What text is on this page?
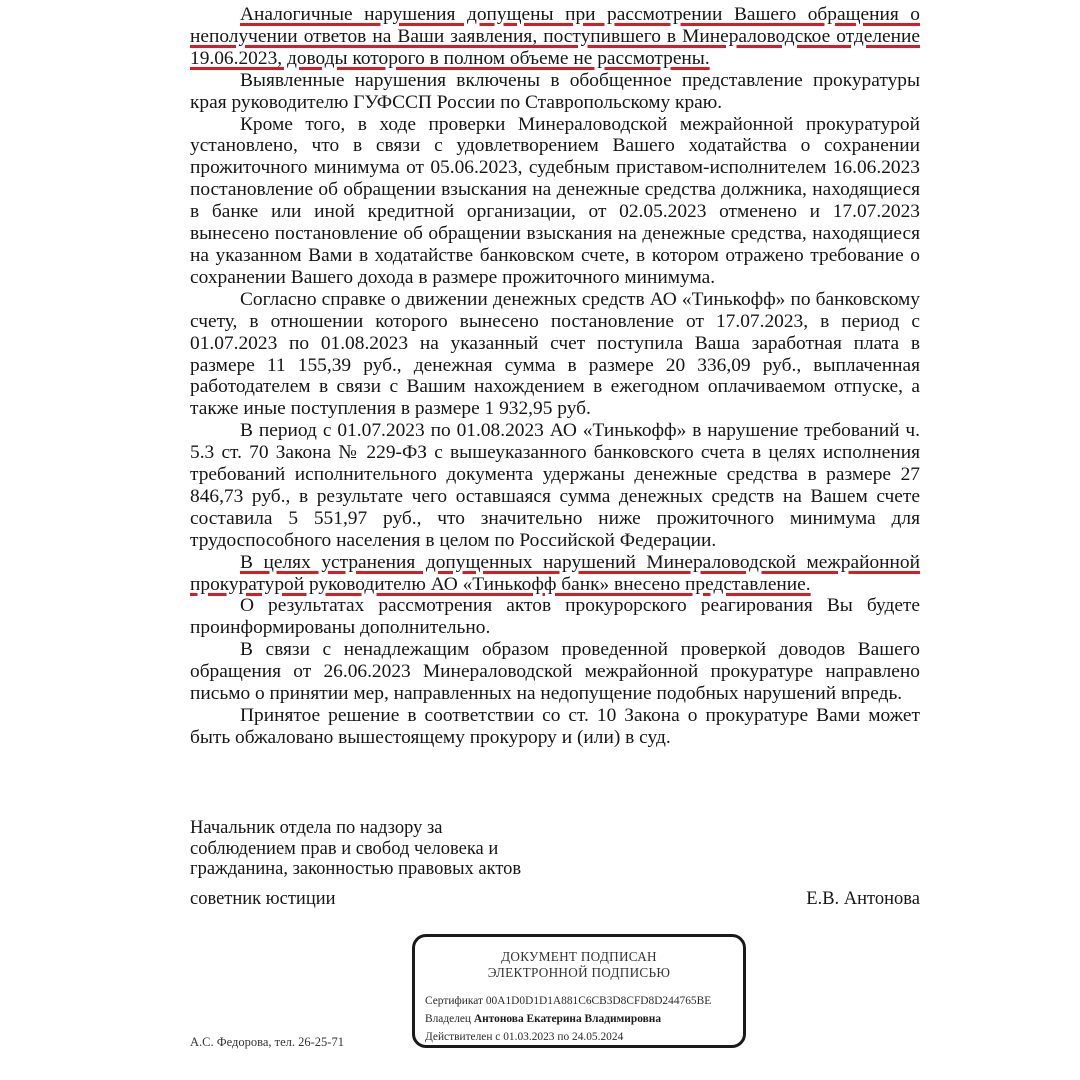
Аналогичные нарушения допущены при рассмотрении Вашего обращения о неполучении ответов на Ваши заявления, поступившего в Минераловодское отделение 19.06.2023, доводы которого в полном объеме не рассмотрены.

Выявленные нарушения включены в обобщенное представление прокуратуры края руководителю ГУФССП России по Ставропольскому краю.

Кроме того, в ходе проверки Минераловодской межрайонной прокуратурой установлено, что в связи с удовлетворением Вашего ходатайства о сохранении прожиточного минимума от 05.06.2023, судебным приставом-исполнителем 16.06.2023 постановление об обращении взыскания на денежные средства должника, находящиеся в банке или иной кредитной организации, от 02.05.2023 отменено и 17.07.2023 вынесено постановление об обращении взыскания на денежные средства, находящиеся на указанном Вами в ходатайстве банковском счете, в котором отражено требование о сохранении Вашего дохода в размере прожиточного минимума.

Согласно справке о движении денежных средств АО «Тинькофф» по банковскому счету, в отношении которого вынесено постановление от 17.07.2023, в период с 01.07.2023 по 01.08.2023 на указанный счет поступила Ваша заработная плата в размере 11 155,39 руб., денежная сумма в размере 20 336,09 руб., выплаченная работодателем в связи с Вашим нахождением в ежегодном оплачиваемом отпуске, а также иные поступления в размере 1 932,95 руб.

В период с 01.07.2023 по 01.08.2023 АО «Тинькофф» в нарушение требований ч. 5.3 ст. 70 Закона № 229-ФЗ с вышеуказанного банковского счета в целях исполнения требований исполнительного документа удержаны денежные средства в размере 27 846,73 руб., в результате чего оставшаяся сумма денежных средств на Вашем счете составила 5 551,97 руб., что значительно ниже прожиточного минимума для трудоспособного населения в целом по Российской Федерации.

В целях устранения допущенных нарушений Минераловодской межрайонной прокуратурой руководителю АО «Тинькофф банк» внесено представление.

О результатах рассмотрения актов прокурорского реагирования Вы будете проинформированы дополнительно.

В связи с ненадлежащим образом проведенной проверкой доводов Вашего обращения от 26.06.2023 Минераловодской межрайонной прокуратуре направлено письмо о принятии мер, направленных на недопущение подобных нарушений впредь.

Принятое решение в соответствии со ст. 10 Закона о прокуратуре Вами может быть обжаловано вышестоящему прокурору и (или) в суд.

Начальник отдела по надзору за
соблюдением прав и свобод человека и
гражданина, законностью правовых актов
советник юстиции	Е.В. Антонова
ДОКУМЕНТ ПОДПИСАН
ЭЛЕКТРОННОЙ ПОДПИСЬЮ
Сертификат 00A1D0D1D1A881C6CB3D8CFD8D244765BE
Владелец Антонова Екатерина Владимировна
Действителен с 01.03.2023 по 24.05.2024
А.С. Федорова, тел. 26-25-71
